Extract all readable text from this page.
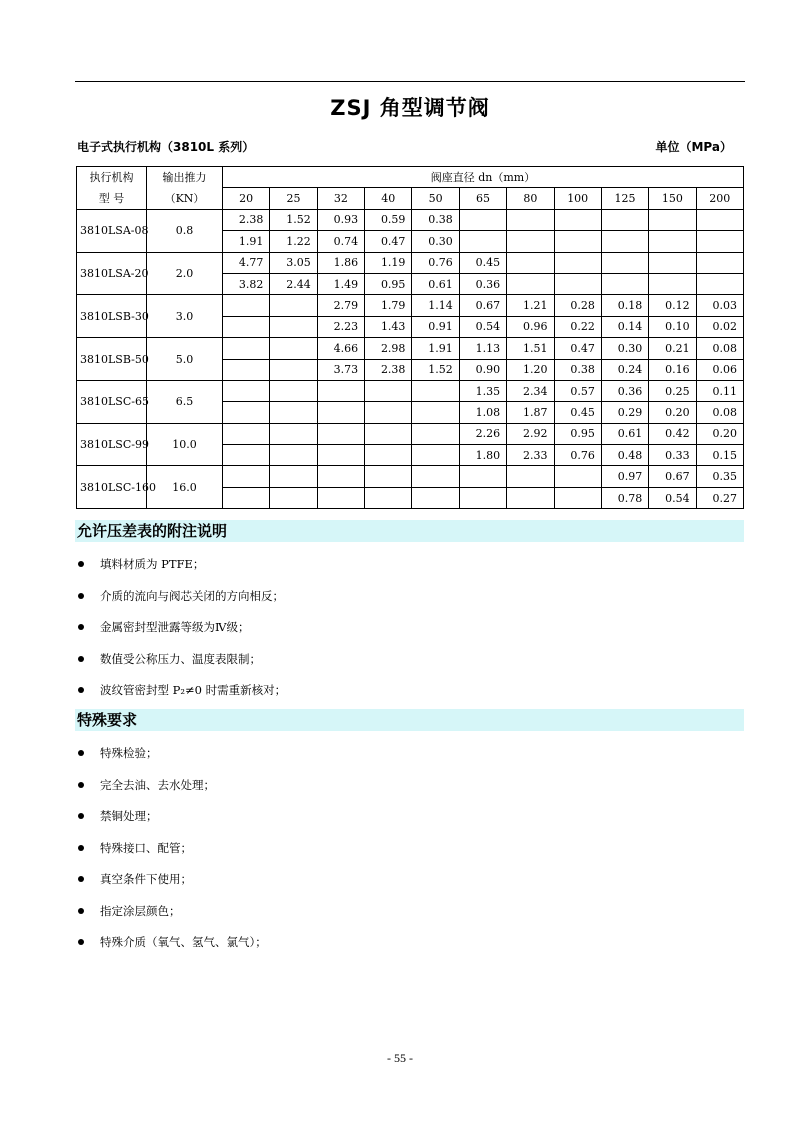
ZSJ 角型调节阀
电子式执行机构（3810L 系列）	单位（MPa）
执行机构	输出推力	阀座直径 dn（mm）										
型 号	（KN）	20	25	32	40	50	65	80	100	125	150	200
3810LSA-08	0.8	2.38	1.52	0.93	0.59	0.38						
		1.91	1.22	0.74	0.47	0.30						
3810LSA-20	2.0	4.77	3.05	1.86	1.19	0.76	0.45					
		3.82	2.44	1.49	0.95	0.61	0.36					
3810LSB-30	3.0			2.79	1.79	1.14	0.67	1.21	0.28	0.18	0.12	0.03
				2.23	1.43	0.91	0.54	0.96	0.22	0.14	0.10	0.02
3810LSB-50	5.0			4.66	2.98	1.91	1.13	1.51	0.47	0.30	0.21	0.08
				3.73	2.38	1.52	0.90	1.20	0.38	0.24	0.16	0.06
3810LSC-65	6.5						1.35	2.34	0.57	0.36	0.25	0.11
							1.08	1.87	0.45	0.29	0.20	0.08
3810LSC-99	10.0						2.26	2.92	0.95	0.61	0.42	0.20
							1.80	2.33	0.76	0.48	0.33	0.15
3810LSC-160	16.0									0.97	0.67	0.35
										0.78	0.54	0.27
允许压差表的附注说明
填料材质为 PTFE；
介质的流向与阀芯关闭的方向相反；
金属密封型泄露等级为Ⅳ级；
数值受公称压力、温度表限制；
波纹管密封型 P₂≠0 时需重新核对；
特殊要求
特殊检验；
完全去油、去水处理；
禁铜处理；
特殊接口、配管；
真空条件下使用；
指定涂层颜色；
特殊介质（氧气、氢气、氯气）；
- 55 -
